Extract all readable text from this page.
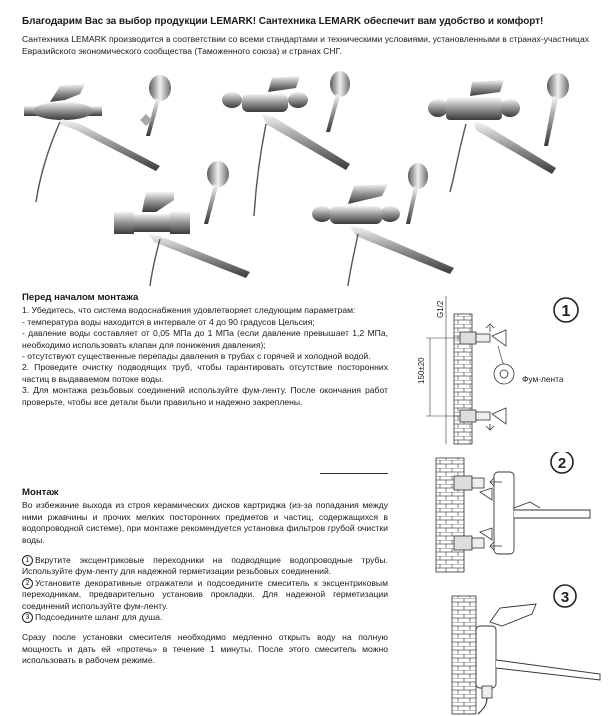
Благодарим Вас за выбор продукции LEMARK! Сантехника LEMARK обеспечит вам удобство и комфорт!
Сантехника LEMARK производится в соответствии со всеми стандартами и техническими условиями, установленными в странах-участницах Евразийского экономического сообщества (Таможенного союза) и странах СНГ.

Перед началом монтажа

1. Убедитесь, что система водоснабжения удовлетворяет следующим параметрам:

- температура воды находится в интервале от 4 до 90 градусов Цельсия;

- давление воды составляет от 0,05 МПа до 1 МПа (если давление превышает 1,2 МПа, необходимо использовать клапан для понижения давления);

- отсутствуют существенные перепады давления в трубах с горячей и холодной водой.

2. Проведите очистку подводящих труб, чтобы гарантировать отсутствие посторонних частиц в выдаваемом потоке воды.

3. Для монтажа резьбовых соединений используйте фум-ленту. После окончания работ проверьте, чтобы все детали были правильно и надежно закреплены.

Монтаж

Во избежание выхода из строя керамических дисков картриджа (из-за попадания между ними ржавчины и прочих мелких посторонних предметов и частиц, содержащихся в водопроводной системе), при монтаже рекомендуется установка фильтров грубой очистки воды.

1 Вкрутите эксцентриковые переходники на подводящие водопроводные трубы. Используйте фум-ленту для надежной герметизации резьбовых соединений.

2 Установите декоративные отражатели и подсоедините смеситель к эксцентриковым переходникам, предварительно установив прокладки. Для надежной герметизации соединений используйте фум-ленту.

3 Подсоедините шланг для душа.

Сразу после установки смесителя необходимо медленно открыть воду на полную мощность и дать ей «протечь» в течение 1 минуты. После этого смеситель можно использовать в рабочем режиме.

150±20
G1/2
Фум-лента
1
2
3
